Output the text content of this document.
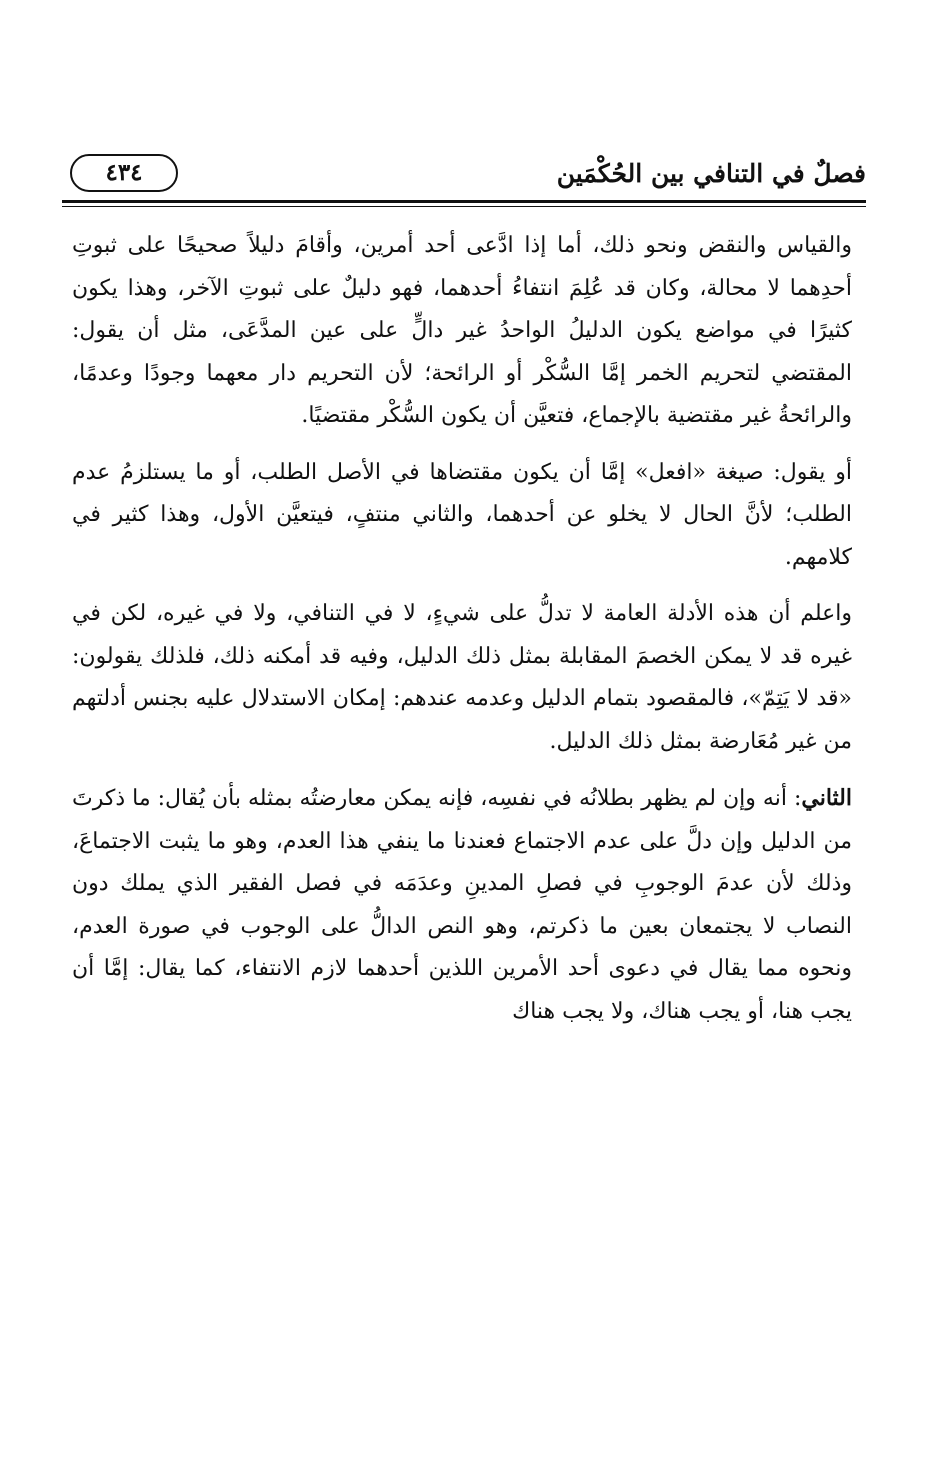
فصلٌ في التنافي بين الحُكْمَين
٤٣٤

والقياس والنقض ونحو ذلك، أما إذا ادَّعى أحد أمرين، وأقامَ دليلاً صحيحًا على ثبوتِ أحدِهما لا محالة، وكان قد عُلِمَ انتفاءُ أحدهما، فهو دليلٌ على ثبوتِ الآخر، وهذا يكون كثيرًا في مواضع يكون الدليلُ الواحدُ غير دالٍّ على عين المدَّعَى، مثل أن يقول: المقتضي لتحريم الخمر إمَّا السُّكْر أو الرائحة؛ لأن التحريم دار معهما وجودًا وعدمًا، والرائحةُ غير مقتضية بالإجماع، فتعيَّن أن يكون السُّكْر مقتضيًا.

أو يقول: صيغة «افعل» إمَّا أن يكون مقتضاها في الأصل الطلب، أو ما يستلزمُ عدم الطلب؛ لأنَّ الحال لا يخلو عن أحدهما، والثاني منتفٍ، فيتعيَّن الأول، وهذا كثير في كلامهم.

واعلم أن هذه الأدلة العامة لا تدلُّ على شيءٍ، لا في التنافي، ولا في غيره، لكن في غيره قد لا يمكن الخصمَ المقابلة بمثل ذلك الدليل، وفيه قد أمكنه ذلك، فلذلك يقولون: «قد لا يَتِمّ»، فالمقصود بتمام الدليل وعدمه عندهم: إمكان الاستدلال عليه بجنس أدلتهم من غير مُعَارضة بمثل ذلك الدليل.

الثاني: أنه وإن لم يظهر بطلانُه في نفسِه، فإنه يمكن معارضتُه بمثله بأن يُقال: ما ذكرتَ من الدليل وإن دلَّ على عدم الاجتماع فعندنا ما ينفي هذا العدم، وهو ما يثبت الاجتماعَ، وذلك لأن عدمَ الوجوبِ في فصلِ المدينِ وعدَمَه في فصل الفقير الذي يملك دون النصاب لا يجتمعان بعين ما ذكرتم، وهو النص الدالُّ على الوجوب في صورة العدم، ونحوه مما يقال في دعوى أحد الأمرين اللذين أحدهما لازم الانتفاء، كما يقال: إمَّا أن يجب هنا، أو يجب هناك، ولا يجب هناك
